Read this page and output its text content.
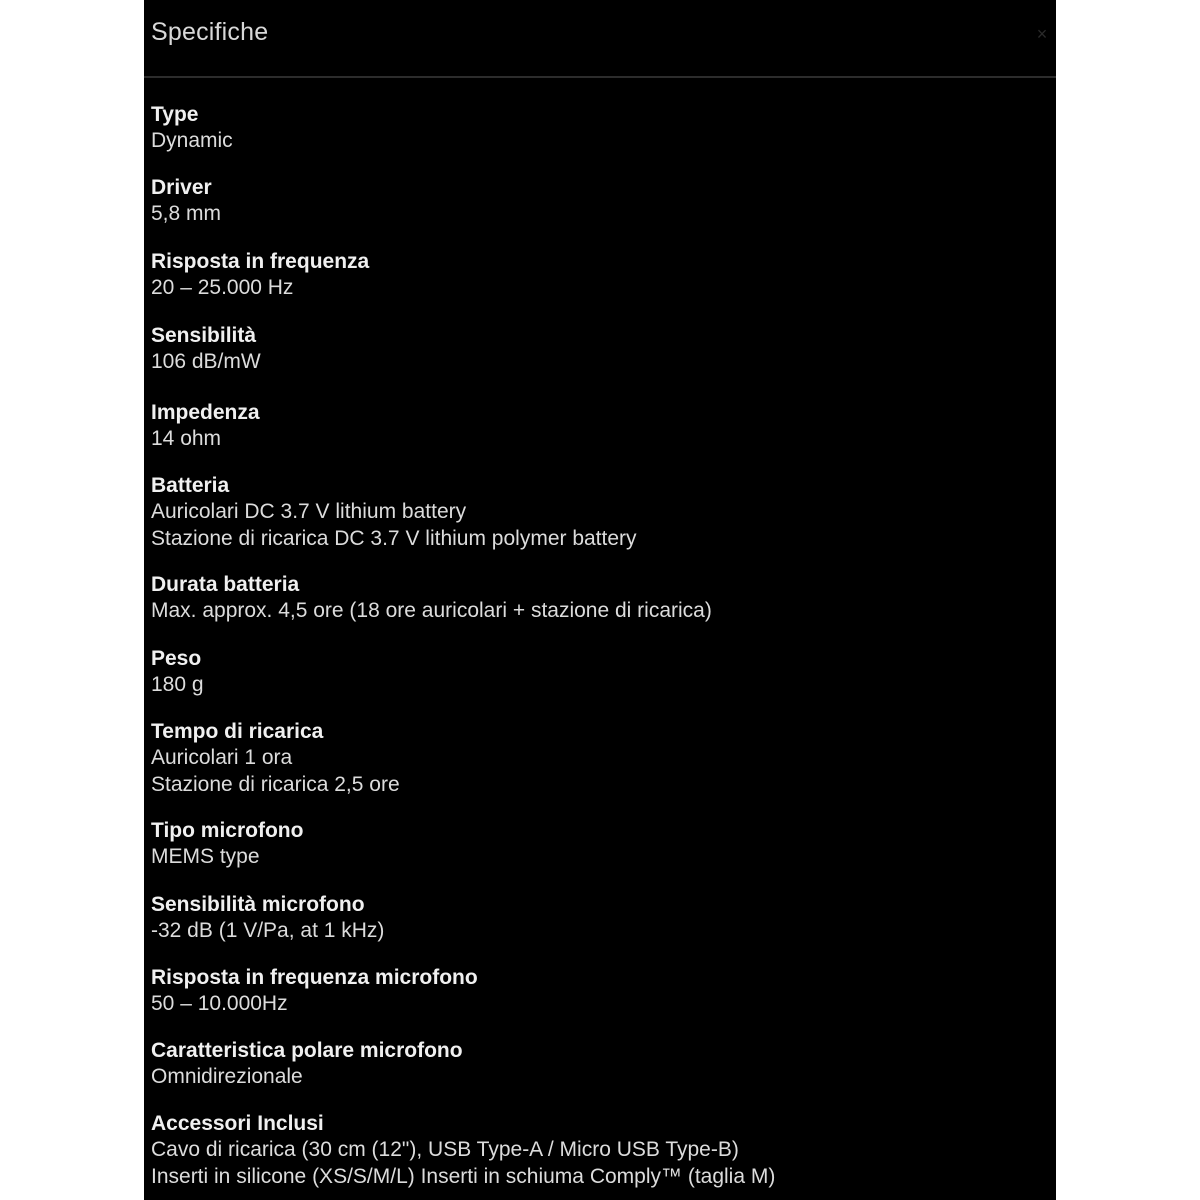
Specifiche	×
Type
Dynamic
Driver
5,8 mm
Risposta in frequenza
20 – 25.000 Hz
Sensibilità
106 dB/mW
Impedenza
14 ohm
Batteria
Auricolari DC 3.7 V lithium battery
Stazione di ricarica DC 3.7 V lithium polymer battery
Durata batteria
Max. approx. 4,5 ore (18 ore auricolari + stazione di ricarica)
Peso
180 g
Tempo di ricarica
Auricolari 1 ora
Stazione di ricarica 2,5 ore
Tipo microfono
MEMS type
Sensibilità microfono
-32 dB (1 V/Pa, at 1 kHz)
Risposta in frequenza microfono
50 – 10.000Hz
Caratteristica polare microfono
Omnidirezionale
Accessori Inclusi
Cavo di ricarica (30 cm (12"), USB Type-A / Micro USB Type-B)
Inserti in silicone (XS/S/M/L) Inserti in schiuma Comply™ (taglia M)
